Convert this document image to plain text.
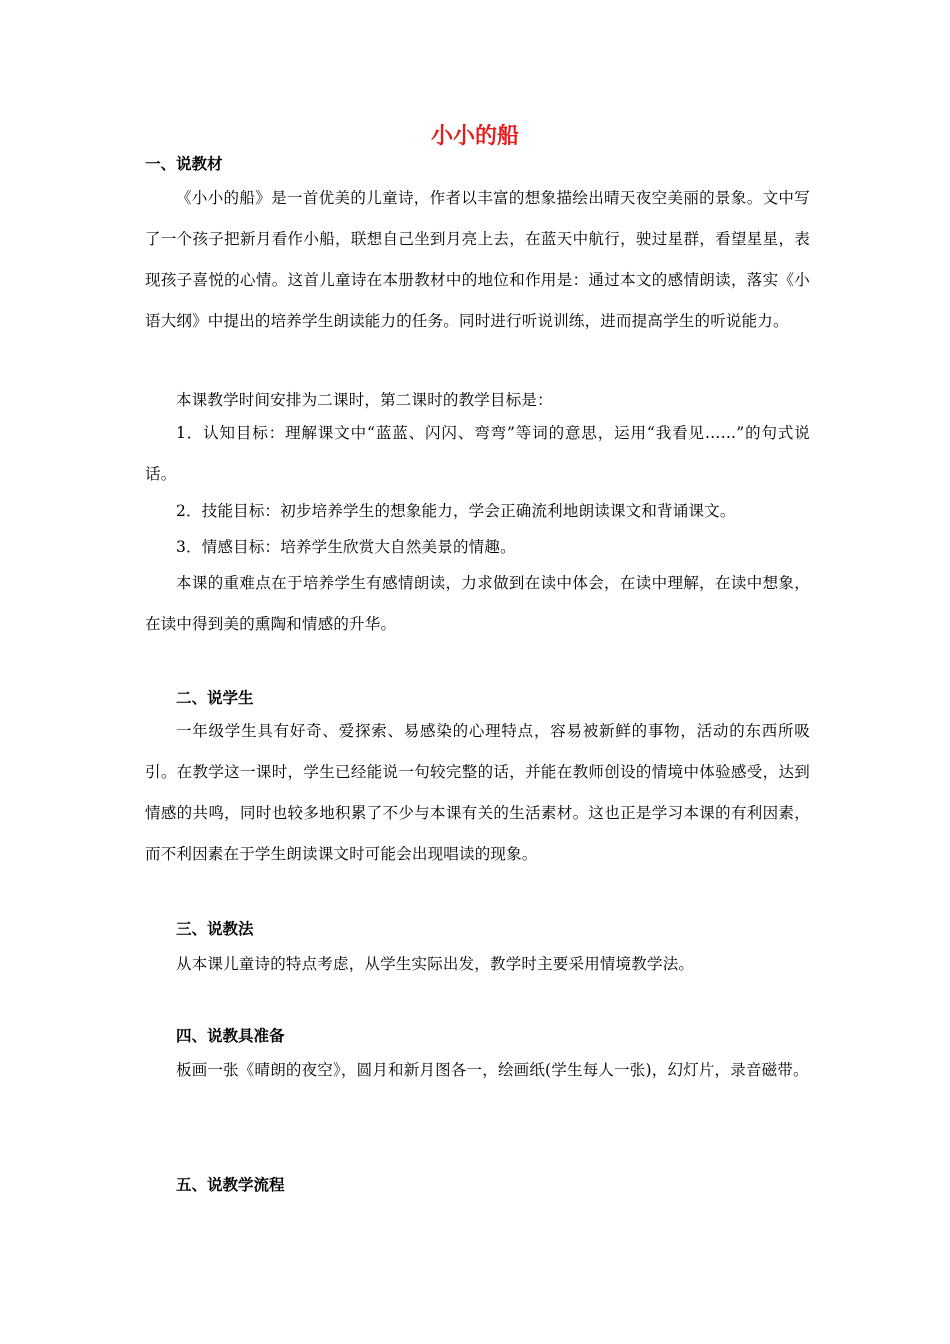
小小的船
一、说教材

《小小的船》是一首优美的儿童诗，作者以丰富的想象描绘出晴天夜空美丽的景象。文中写了一个孩子把新月看作小船，联想自己坐到月亮上去，在蓝天中航行，驶过星群，看望星星，表现孩子喜悦的心情。这首儿童诗在本册教材中的地位和作用是：通过本文的感情朗读，落实《小语大纲》中提出的培养学生朗读能力的任务。同时进行听说训练，进而提高学生的听说能力。

本课教学时间安排为二课时，第二课时的教学目标是：

1．认知目标：理解课文中“蓝蓝、闪闪、弯弯”等词的意思，运用“我看见……”的句式说话。

2．技能目标：初步培养学生的想象能力，学会正确流利地朗读课文和背诵课文。

3．情感目标：培养学生欣赏大自然美景的情趣。

本课的重难点在于培养学生有感情朗读，力求做到在读中体会，在读中理解，在读中想象，在读中得到美的熏陶和情感的升华。

二、说学生

一年级学生具有好奇、爱探索、易感染的心理特点，容易被新鲜的事物，活动的东西所吸引。在教学这一课时，学生已经能说一句较完整的话，并能在教师创设的情境中体验感受，达到情感的共鸣，同时也较多地积累了不少与本课有关的生活素材。这也正是学习本课的有利因素，而不利因素在于学生朗读课文时可能会出现唱读的现象。

三、说教法

从本课儿童诗的特点考虑，从学生实际出发，教学时主要采用情境教学法。

四、说教具准备

板画一张《晴朗的夜空》，圆月和新月图各一，绘画纸(学生每人一张)，幻灯片，录音磁带。

五、说教学流程
